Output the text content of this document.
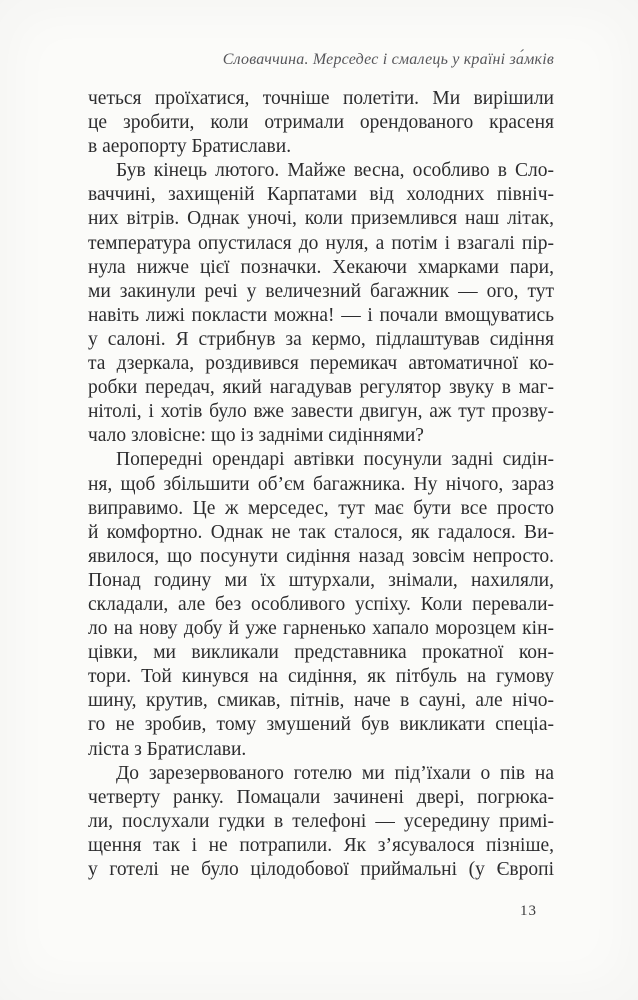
Словаччина. Мерседес і смалець у країні за́мків
четься проїхатися, точніше полетіти. Ми вирішили
це зробити, коли отримали орендованого красеня
в аеропорту Братислави.
Був кінець лютого. Майже весна, особливо в Сло-
ваччині, захищеній Карпатами від холодних північ-
них вітрів. Однак уночі, коли приземлився наш літак,
температура опустилася до нуля, а потім і взагалі пір-
нула нижче цієї позначки. Хекаючи хмарками пари,
ми закинули речі у величезний багажник — ого, тут
навіть лижі покласти можна! — і почали вмощуватись
у салоні. Я стрибнув за кермо, підлаштував сидіння
та дзеркала, роздивився перемикач автоматичної ко-
робки передач, який нагадував регулятор звуку в маг-
нітолі, і хотів було вже завести двигун, аж тут прозву-
чало зловісне: що із задніми сидіннями?
Попередні орендарі автівки посунули задні сидін-
ня, щоб збільшити об’єм багажника. Ну нічого, зараз
виправимо. Це ж мерседес, тут має бути все просто
й комфортно. Однак не так сталося, як гадалося. Ви-
явилося, що посунути сидіння назад зовсім непросто.
Понад годину ми їх штурхали, знімали, нахиляли,
складали, але без особливого успіху. Коли перевали-
ло на нову добу й уже гарненько хапало морозцем кін-
цівки, ми викликали представника прокатної кон-
тори. Той кинувся на сидіння, як пітбуль на гумову
шину, крутив, смикав, пітнів, наче в сауні, але нічо-
го не зробив, тому змушений був викликати спеціа-
ліста з Братислави.
До зарезервованого готелю ми під’їхали о пів на
четверту ранку. Помацали зачинені двері, погрюка-
ли, послухали гудки в телефоні — усередину примі-
щення так і не потрапили. Як з’ясувалося пізніше,
у готелі не було цілодобової приймальні (у Європі
13
